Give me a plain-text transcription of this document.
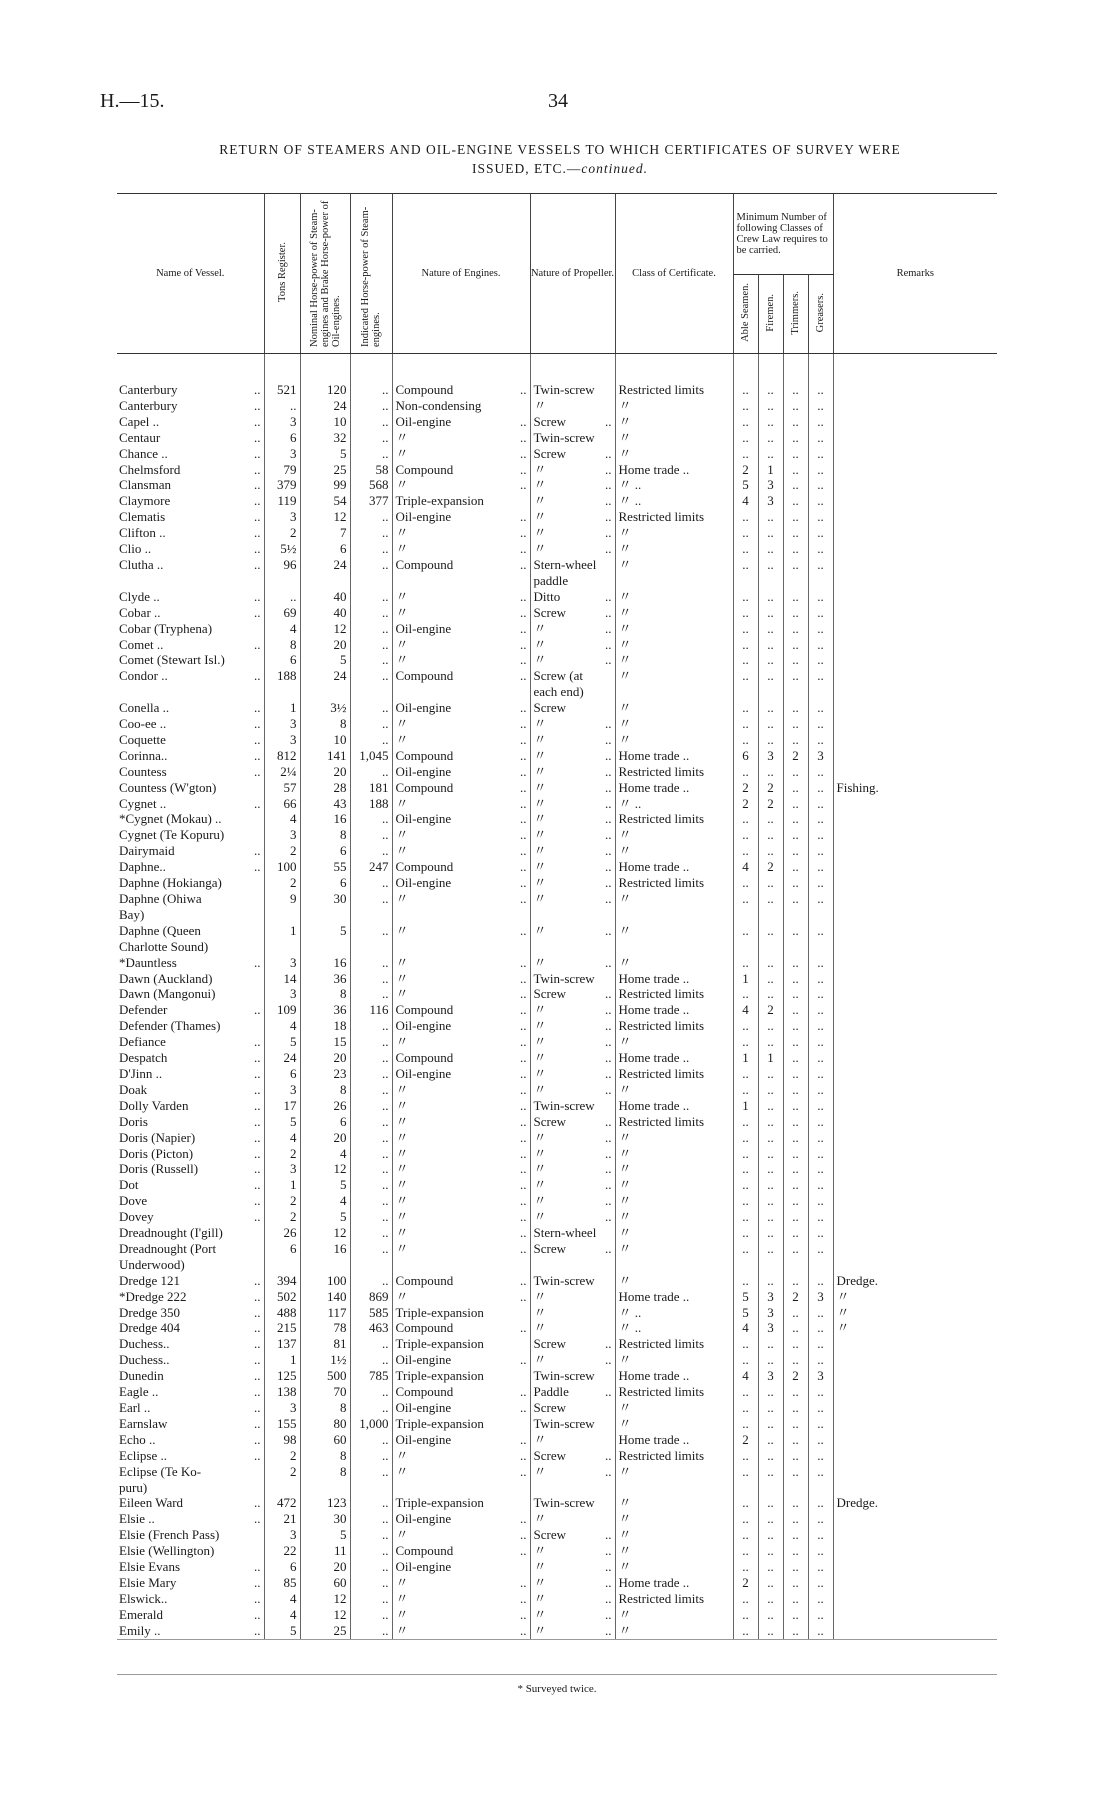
H.—15.	34
RETURN OF STEAMERS AND OIL-ENGINE VESSELS TO WHICH CERTIFICATES OF SURVEY WERE
ISSUED, ETC.—continued.
Name of Vessel.	Tons Register.	Nominal Horse-power of Steam-engines and Brake Horse-power of Oil-engines.	Indicated Horse-power of Steam-engines.	Nature of Engines.	Nature of Propeller.	Class of Certificate.	Minimum Number of following Classes of Crew Law requires to be carried.				Remarks
							Able Seamen.	Firemen.	Trimmers.	Greasers.	
Canterbury ..	521	120	..	Compound ..	Twin-screw	Restricted limits	..	..	..	..	
Canterbury ..	..	24	..	Non-condensing	〃	〃	..	..	..	..	
Capel .. ..	3	10	..	Oil-engine ..	Screw ..	〃	..	..	..	..	
Centaur ..	6	32	..	〃 ..	Twin-screw	〃	..	..	..	..	
Chance .. ..	3	5	..	〃 ..	Screw ..	〃	..	..	..	..	
Chelmsford ..	79	25	58	Compound ..	〃 ..	Home trade ..	2	1	..	..	
Clansman ..	379	99	568	〃 ..	〃 ..	〃 ..	5	3	..	..	
Claymore ..	119	54	377	Triple-expansion	〃 ..	〃 ..	4	3	..	..	
Clematis ..	3	12	..	Oil-engine ..	〃 ..	Restricted limits	..	..	..	..	
Clifton .. ..	2	7	..	〃 ..	〃 ..	〃	..	..	..	..	
Clio .. ..	5½	6	..	〃 ..	〃 ..	〃	..	..	..	..	
Clutha .. ..	96	24	..	Compound ..	Stern-wheel	〃	..	..	..	..	
					paddle						
Clyde .. ..	..	40	..	〃 ..	Ditto ..	〃	..	..	..	..	
Cobar .. ..	69	40	..	〃 ..	Screw ..	〃	..	..	..	..	
Cobar (Tryphena)	4	12	..	Oil-engine ..	〃 ..	〃	..	..	..	..	
Comet .. ..	8	20	..	〃 ..	〃 ..	〃	..	..	..	..	
Comet (Stewart Isl.)	6	5	..	〃 ..	〃 ..	〃	..	..	..	..	
Condor .. ..	188	24	..	Compound ..	Screw (at	〃	..	..	..	..	
					each end)						
Conella .. ..	1	3½	..	Oil-engine ..	Screw	〃	..	..	..	..	
Coo-ee .. ..	3	8	..	〃 ..	〃 ..	〃	..	..	..	..	
Coquette ..	3	10	..	〃 ..	〃 ..	〃	..	..	..	..	
Corinna.. ..	812	141	1,045	Compound ..	〃 ..	Home trade ..	6	3	2	3	
Countess ..	2¼	20	..	Oil-engine ..	〃 ..	Restricted limits	..	..	..	..	
Countess (W'gton)	57	28	181	Compound ..	〃 ..	Home trade ..	2	2	..	..	Fishing.
Cygnet .. ..	66	43	188	〃 ..	〃 ..	〃 ..	2	2	..	..	
*Cygnet (Mokau) ..	4	16	..	Oil-engine ..	〃 ..	Restricted limits	..	..	..	..	
Cygnet (Te Kopuru)	3	8	..	〃 ..	〃 ..	〃	..	..	..	..	
Dairymaid ..	2	6	..	〃 ..	〃 ..	〃	..	..	..	..	
Daphne.. ..	100	55	247	Compound ..	〃 ..	Home trade ..	4	2	..	..	
Daphne (Hokianga)	2	6	..	Oil-engine ..	〃 ..	Restricted limits	..	..	..	..	
Daphne (Ohiwa	9	30	..	〃 ..	〃 ..	〃	..	..	..	..	
Bay)											
Daphne (Queen	1	5	..	〃 ..	〃 ..	〃	..	..	..	..	
Charlotte Sound)											
*Dauntless ..	3	16	..	〃 ..	〃 ..	〃	..	..	..	..	
Dawn (Auckland)	14	36	..	〃 ..	Twin-screw	Home trade ..	1	..	..	..	
Dawn (Mangonui)	3	8	..	〃 ..	Screw ..	Restricted limits	..	..	..	..	
Defender ..	109	36	116	Compound ..	〃 ..	Home trade ..	4	2	..	..	
Defender (Thames)	4	18	..	Oil-engine ..	〃 ..	Restricted limits	..	..	..	..	
Defiance ..	5	15	..	〃 ..	〃 ..	〃	..	..	..	..	
Despatch ..	24	20	..	Compound ..	〃 ..	Home trade ..	1	1	..	..	
D'Jinn .. ..	6	23	..	Oil-engine ..	〃 ..	Restricted limits	..	..	..	..	
Doak ..	3	8	..	〃 ..	〃 ..	〃	..	..	..	..	
Dolly Varden ..	17	26	..	〃 ..	Twin-screw	Home trade ..	1	..	..	..	
Doris ..	5	6	..	〃 ..	Screw ..	Restricted limits	..	..	..	..	
Doris (Napier) ..	4	20	..	〃 ..	〃 ..	〃	..	..	..	..	
Doris (Picton) ..	2	4	..	〃 ..	〃 ..	〃	..	..	..	..	
Doris (Russell) ..	3	12	..	〃 ..	〃 ..	〃	..	..	..	..	
Dot ..	1	5	..	〃 ..	〃 ..	〃	..	..	..	..	
Dove ..	2	4	..	〃 ..	〃 ..	〃	..	..	..	..	
Dovey ..	2	5	..	〃 ..	〃 ..	〃	..	..	..	..	
Dreadnought (I'gill)	26	12	..	〃 ..	Stern-wheel	〃	..	..	..	..	
Dreadnought (Port	6	16	..	〃 ..	Screw ..	〃	..	..	..	..	
Underwood)											
Dredge 121 ..	394	100	..	Compound ..	Twin-screw	〃	..	..	..	..	Dredge.
*Dredge 222 ..	502	140	869	〃 ..	〃	Home trade ..	5	3	2	3	〃
Dredge 350 ..	488	117	585	Triple-expansion	〃	〃 ..	5	3	..	..	〃
Dredge 404 ..	215	78	463	Compound ..	〃	〃 ..	4	3	..	..	〃
Duchess.. ..	137	81	..	Triple-expansion	Screw ..	Restricted limits	..	..	..	..	
Duchess.. ..	1	1½	..	Oil-engine ..	〃 ..	〃	..	..	..	..	
Dunedin ..	125	500	785	Triple-expansion	Twin-screw	Home trade ..	4	3	2	3	
Eagle .. ..	138	70	..	Compound ..	Paddle ..	Restricted limits	..	..	..	..	
Earl .. ..	3	8	..	Oil-engine ..	Screw	〃	..	..	..	..	
Earnslaw ..	155	80	1,000	Triple-expansion	Twin-screw	〃	..	..	..	..	
Echo .. ..	98	60	..	Oil-engine ..	〃	Home trade ..	2	..	..	..	
Eclipse .. ..	2	8	..	〃 ..	Screw ..	Restricted limits	..	..	..	..	
Eclipse (Te Ko-	2	8	..	〃 ..	〃 ..	〃	..	..	..	..	
puru)											
Eileen Ward ..	472	123	..	Triple-expansion	Twin-screw	〃	..	..	..	..	Dredge.
Elsie .. ..	21	30	..	Oil-engine ..	〃	〃	..	..	..	..	
Elsie (French Pass)	3	5	..	〃 ..	Screw ..	〃	..	..	..	..	
Elsie (Wellington)	22	11	..	Compound ..	〃 ..	〃	..	..	..	..	
Elsie Evans ..	6	20	..	Oil-engine	〃 ..	〃	..	..	..	..	
Elsie Mary ..	85	60	..	〃 ..	〃 ..	Home trade ..	2	..	..	..	
Elswick.. ..	4	12	..	〃 ..	〃 ..	Restricted limits	..	..	..	..	
Emerald ..	4	12	..	〃 ..	〃 ..	〃	..	..	..	..	
Emily .. ..	5	25	..	〃 ..	〃 ..	〃	..	..	..	..	
* Surveyed twice.
